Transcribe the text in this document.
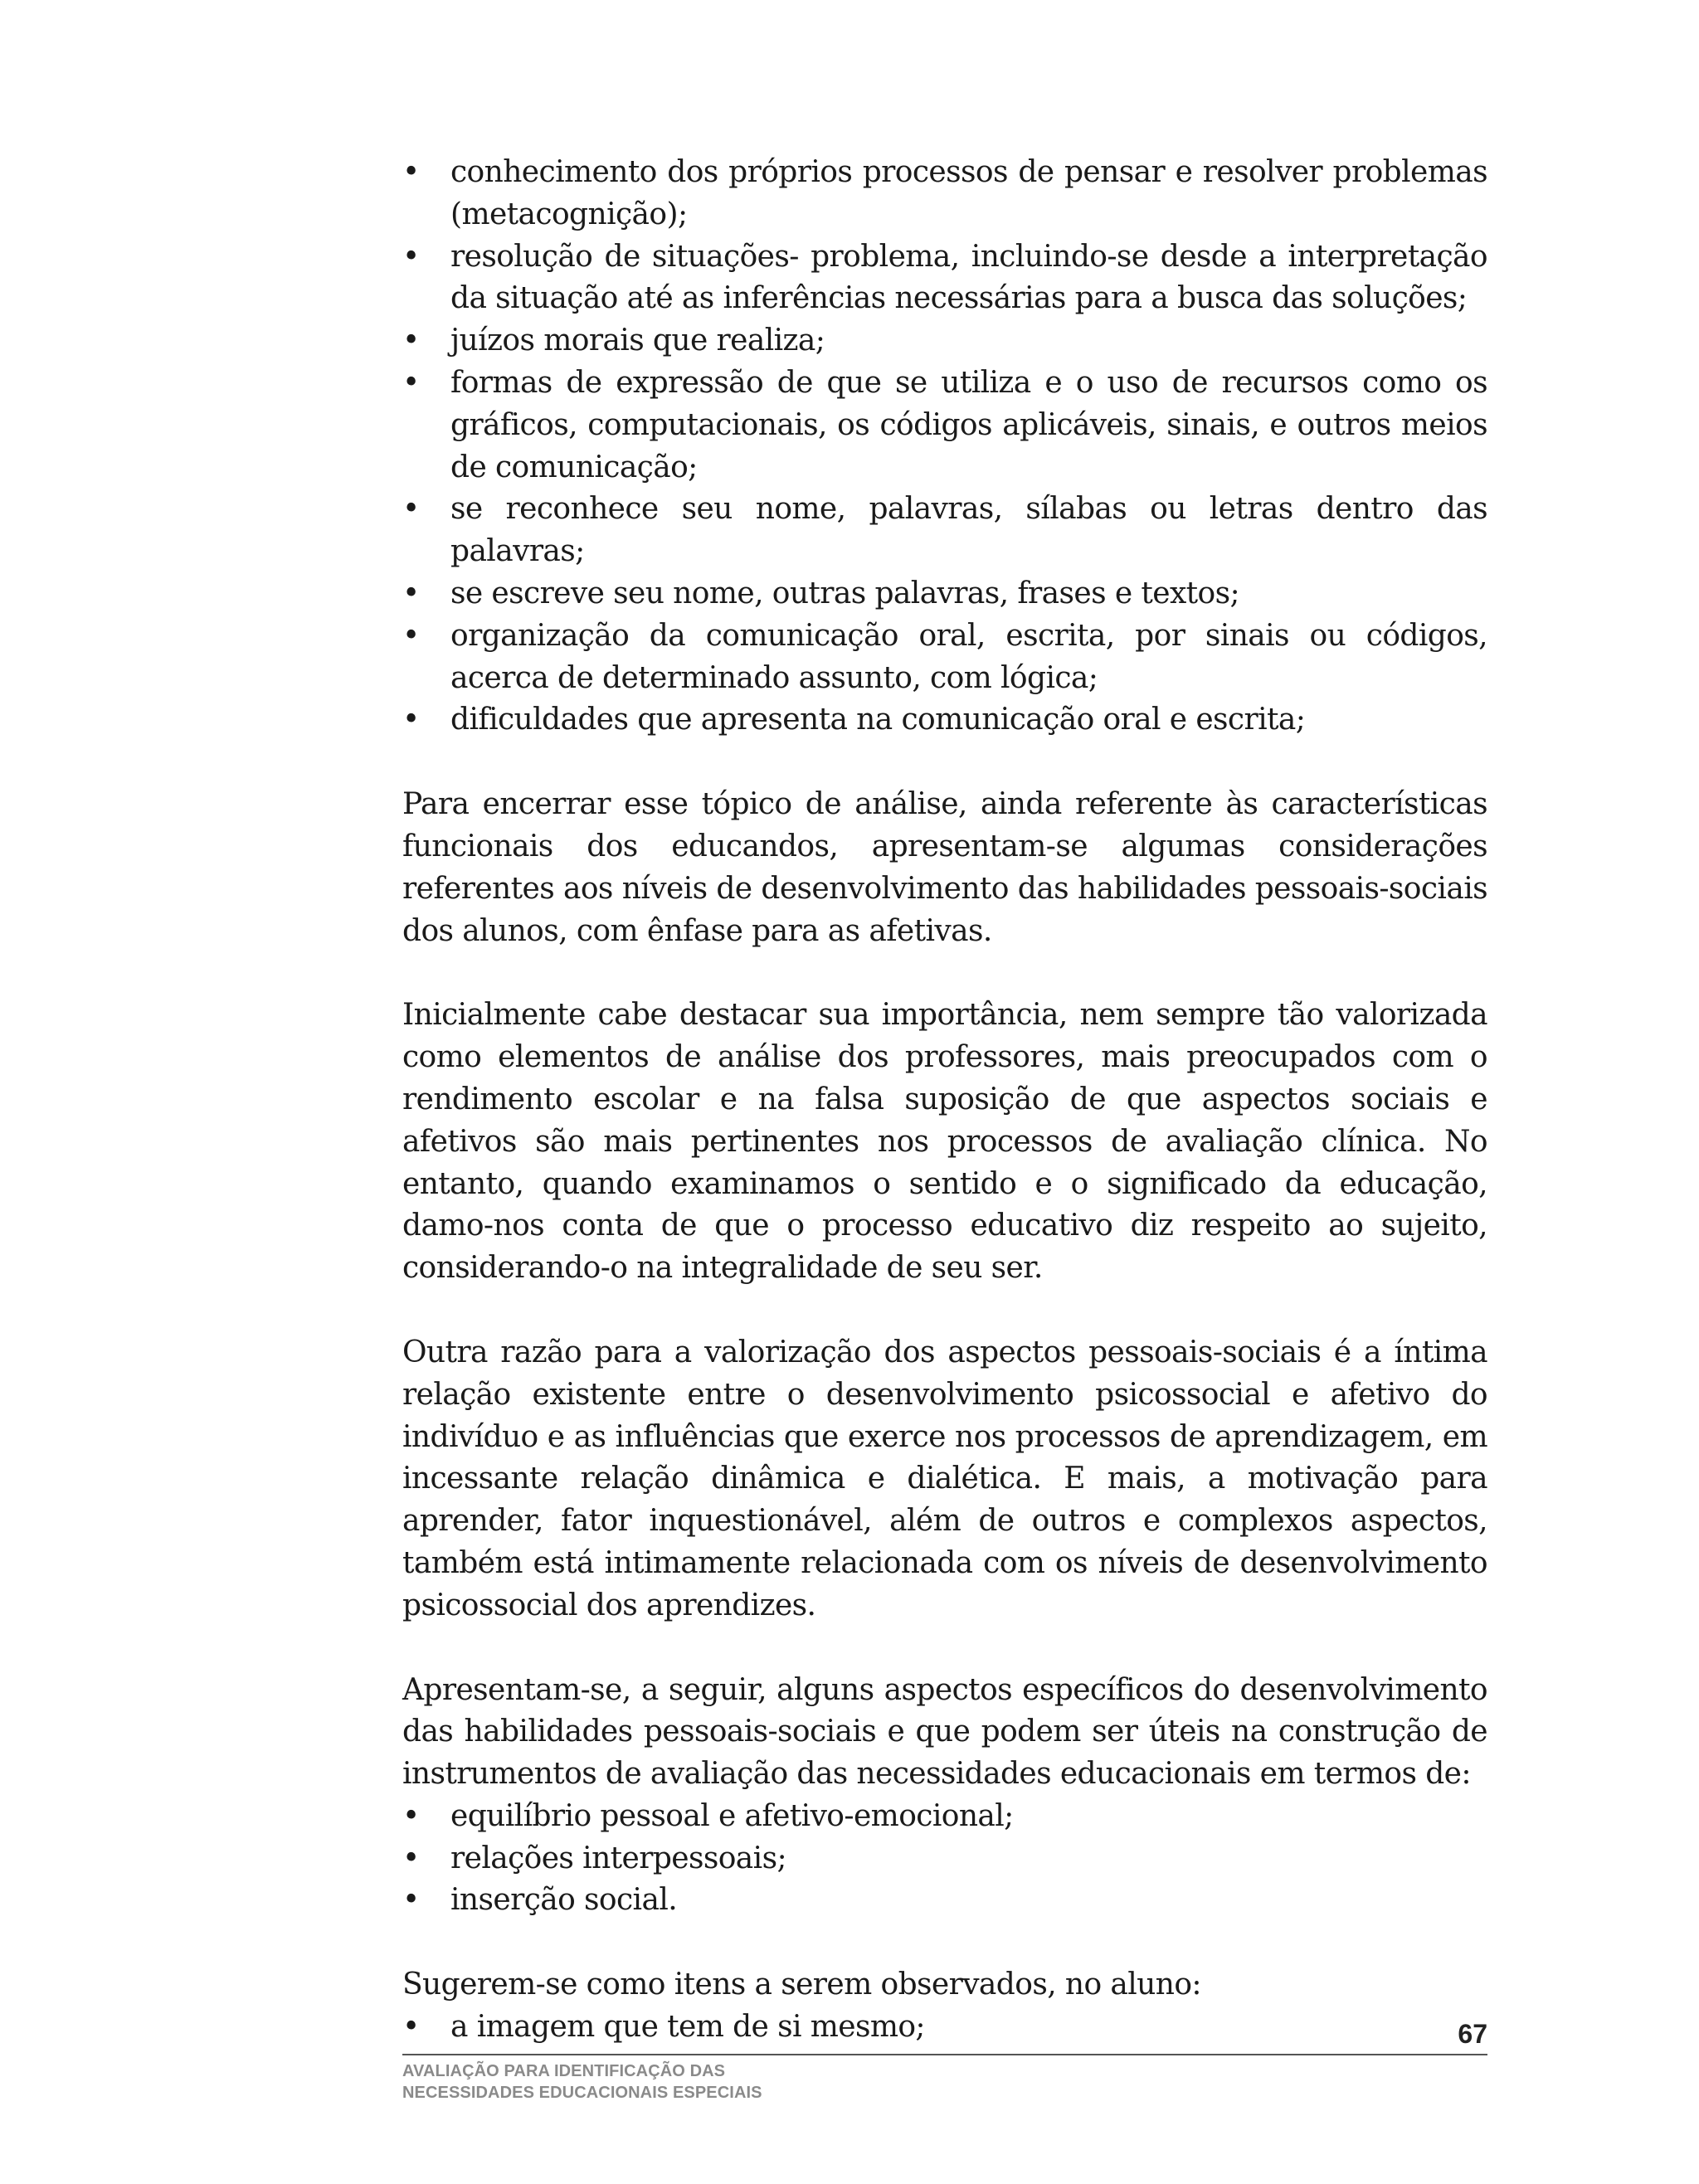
• conhecimento dos próprios processos de pensar e resolver problemas (metacognição);
• resolução de situações- problema, incluindo-se desde a interpretação da situação até as inferências necessárias para a busca das soluções;
• juízos morais que realiza;
• formas de expressão de que se utiliza e o uso de recursos como os gráficos, computacionais, os códigos aplicáveis, sinais, e outros meios de comunicação;
• se reconhece seu nome, palavras, sílabas ou letras dentro das palavras;
• se escreve seu nome, outras palavras, frases e textos;
• organização da comunicação oral, escrita, por sinais ou códigos, acerca de determinado assunto, com lógica;
• dificuldades que apresenta na comunicação oral e escrita;

Para encerrar esse tópico de análise, ainda referente às características funcionais dos educandos, apresentam-se algumas considerações referentes aos níveis de desenvolvimento das habilidades pessoais-sociais dos alunos, com ênfase para as afetivas.

Inicialmente cabe destacar sua importância, nem sempre tão valorizada como elementos de análise dos professores, mais preocupados com o rendimento escolar e na falsa suposição de que aspectos sociais e afetivos são mais pertinentes nos processos de avaliação clínica. No entanto, quando examinamos o sentido e o significado da educação, damo-nos conta de que o processo educativo diz respeito ao sujeito, considerando-o na integralidade de seu ser.

Outra razão para a valorização dos aspectos pessoais-sociais é a íntima relação existente entre o desenvolvimento psicossocial e afetivo do indivíduo e as influências que exerce nos processos de aprendizagem, em incessante relação dinâmica e dialética. E mais, a motivação para aprender, fator inquestionável, além de outros e complexos aspectos, também está intimamente relacionada com os níveis de desenvolvimento psicossocial dos aprendizes.

Apresentam-se, a seguir, alguns aspectos específicos do desenvolvimento das habilidades pessoais-sociais e que podem ser úteis na construção de instrumentos de avaliação das necessidades educacionais em termos de:

• equilíbrio pessoal e afetivo-emocional;
• relações interpessoais;
• inserção social.

Sugerem-se como itens a serem observados, no aluno:

• a imagem que tem de si mesmo;	67
AVALIAÇÃO PARA IDENTIFICAÇÃO DAS
NECESSIDADES EDUCACIONAIS ESPECIAIS
